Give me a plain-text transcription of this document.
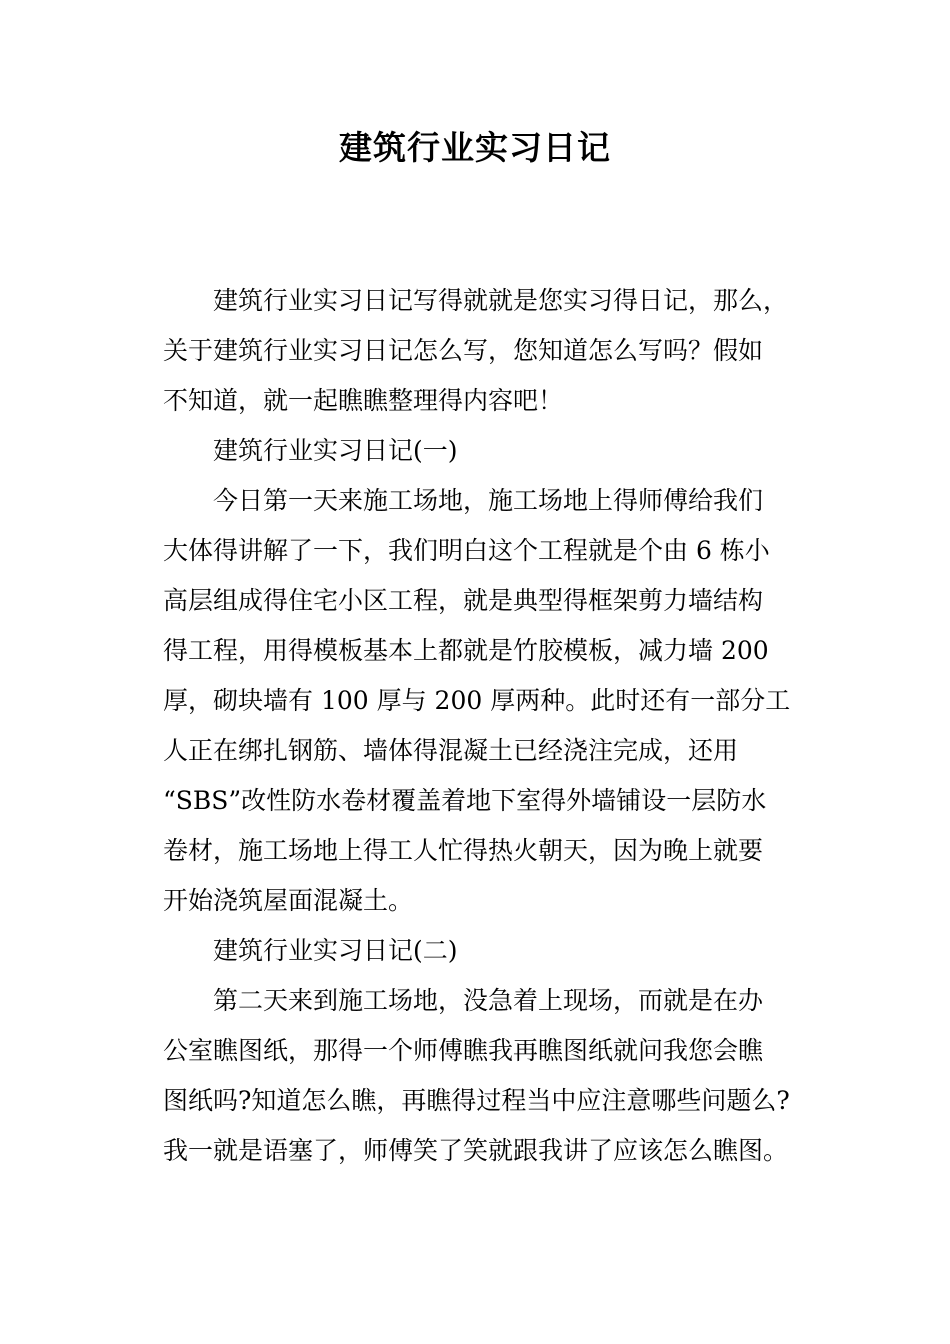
建筑行业实习日记
建筑行业实习日记写得就就是您实习得日记，那么，
关于建筑行业实习日记怎么写，您知道怎么写吗？假如
不知道，就一起瞧瞧整理得内容吧！
建筑行业实习日记(一)
今日第一天来施工场地，施工场地上得师傅给我们
大体得讲解了一下，我们明白这个工程就是个由 6 栋小
高层组成得住宅小区工程，就是典型得框架剪力墙结构
得工程，用得模板基本上都就是竹胶模板，减力墙 200
厚，砌块墙有 100 厚与 200 厚两种。此时还有一部分工
人正在绑扎钢筋、墙体得混凝土已经浇注完成，还用
“SBS”改性防水卷材覆盖着地下室得外墙铺设一层防水
卷材，施工场地上得工人忙得热火朝天，因为晚上就要
开始浇筑屋面混凝土。
建筑行业实习日记(二)
第二天来到施工场地，没急着上现场，而就是在办
公室瞧图纸，那得一个师傅瞧我再瞧图纸就问我您会瞧
图纸吗?知道怎么瞧，再瞧得过程当中应注意哪些问题么?
我一就是语塞了，师傅笑了笑就跟我讲了应该怎么瞧图。
